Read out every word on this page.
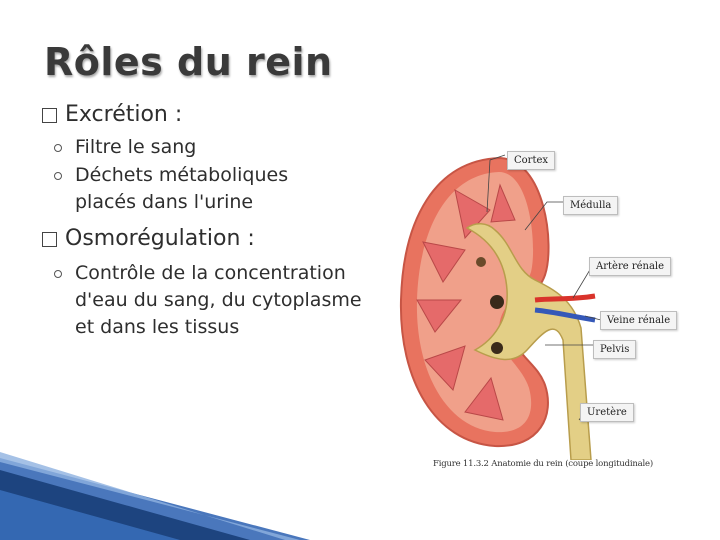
Rôles du rein
Excrétion :
Filtre le sang
Déchets métaboliques placés dans l'urine
Osmorégulation :
Contrôle de la concentration d'eau du sang, du cytoplasme et dans les tissus
Cortex
Médulla
Artère rénale
Veine rénale
Pelvis
Uretère
Figure 11.3.2 Anatomie du rein (coupe longitudinale)
